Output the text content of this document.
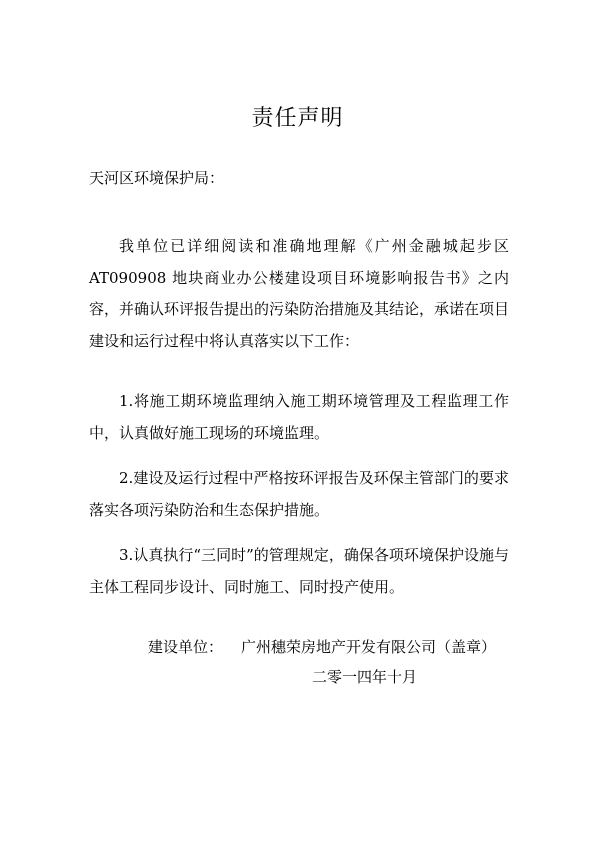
责任声明
天河区环境保护局：

我单位已详细阅读和准确地理解《广州金融城起步区AT090908 地块商业办公楼建设项目环境影响报告书》之内容，并确认环评报告提出的污染防治措施及其结论，承诺在项目建设和运行过程中将认真落实以下工作：

1.将施工期环境监理纳入施工期环境管理及工程监理工作中，认真做好施工现场的环境监理。

2.建设及运行过程中严格按环评报告及环保主管部门的要求落实各项污染防治和生态保护措施。

3.认真执行“三同时”的管理规定，确保各项环境保护设施与主体工程同步设计、同时施工、同时投产使用。

建设单位： 广州穗荣房地产开发有限公司（盖章）
二零一四年十月
